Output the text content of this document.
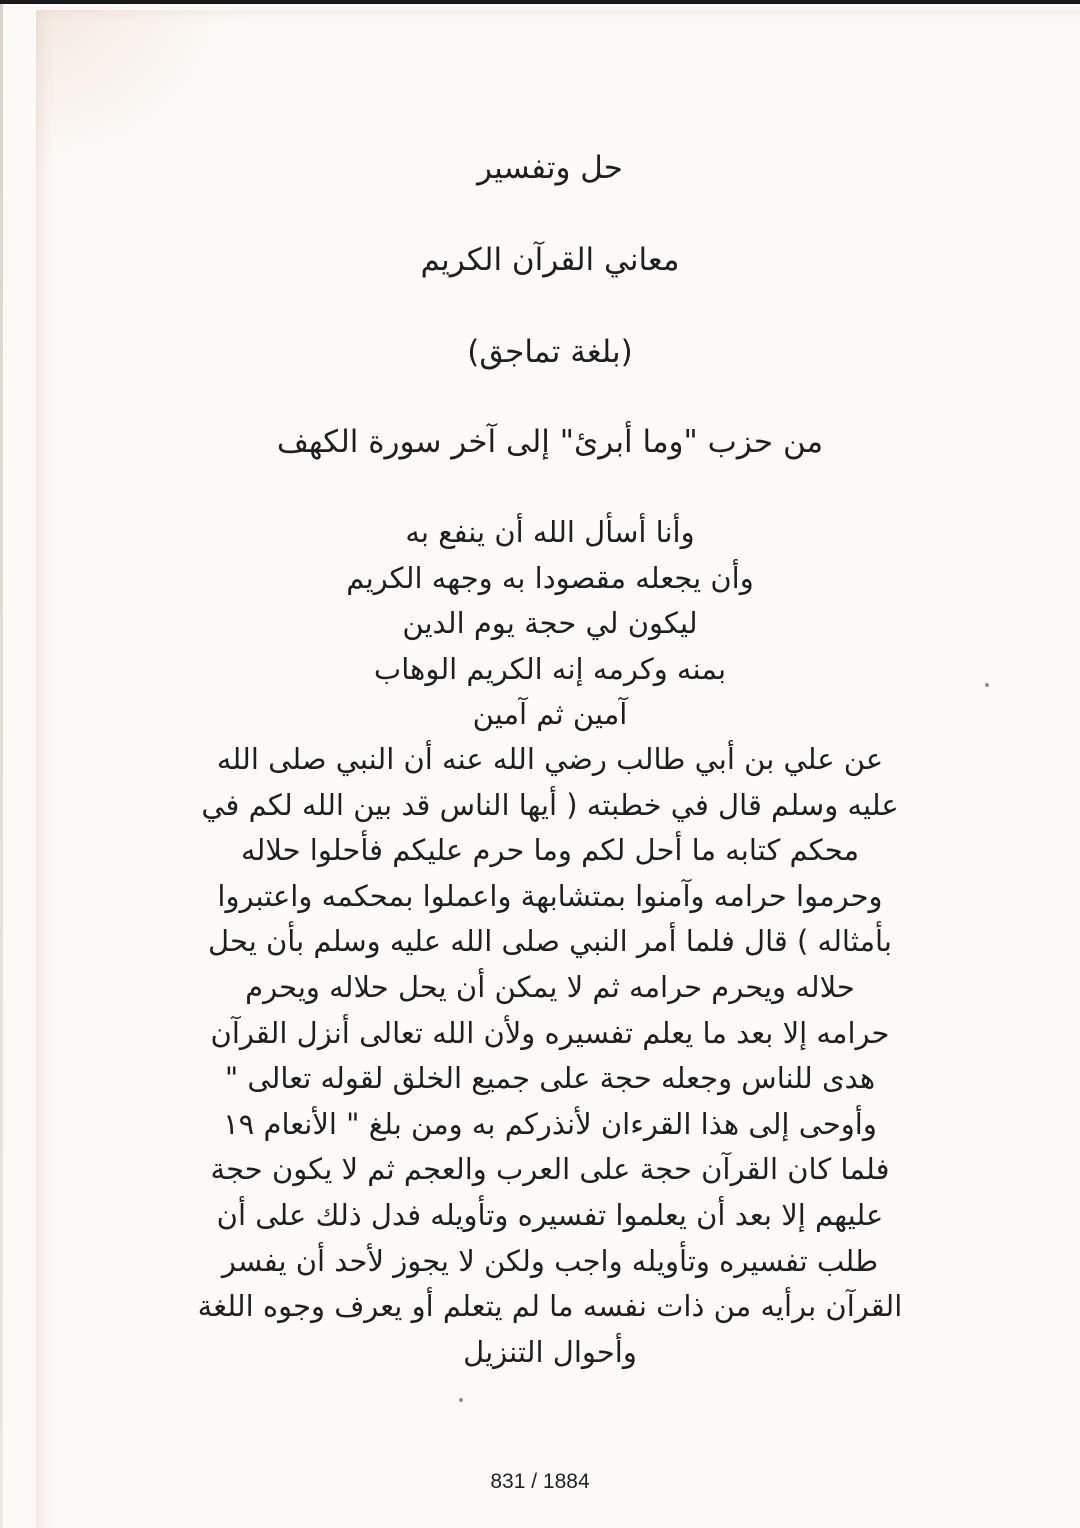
حل وتفسير
معاني القرآن الكريم
(بلغة تماجق)
من حزب "وما أبرئ" إلى آخر سورة الكهف
وأنا أسأل الله أن ينفع به
وأن يجعله مقصودا به وجهه الكريم
ليكون لي حجة يوم الدين
بمنه وكرمه إنه الكريم الوهاب
آمين ثم آمين
عن علي بن أبي طالب رضي الله عنه أن النبي صلى الله
عليه وسلم قال في خطبته ( أيها الناس قد بين الله لكم في
محكم كتابه ما أحل لكم وما حرم عليكم فأحلوا حلاله
وحرموا حرامه وآمنوا بمتشابهة واعملوا بمحكمه واعتبروا
بأمثاله ) قال فلما أمر النبي صلى الله عليه وسلم بأن يحل
حلاله ويحرم حرامه ثم لا يمكن أن يحل حلاله ويحرم
حرامه إلا بعد ما يعلم تفسيره ولأن الله تعالى أنزل القرآن
هدى للناس وجعله حجة على جميع الخلق لقوله تعالى "
وأوحى إلى هذا القرءان لأنذركم به ومن بلغ " الأنعام ١٩
فلما كان القرآن حجة على العرب والعجم ثم لا يكون حجة
عليهم إلا بعد أن يعلموا تفسيره وتأويله فدل ذلك على أن
طلب تفسيره وتأويله واجب ولكن لا يجوز لأحد أن يفسر
القرآن برأيه من ذات نفسه ما لم يتعلم أو يعرف وجوه اللغة
وأحوال التنزيل
831 / 1884
